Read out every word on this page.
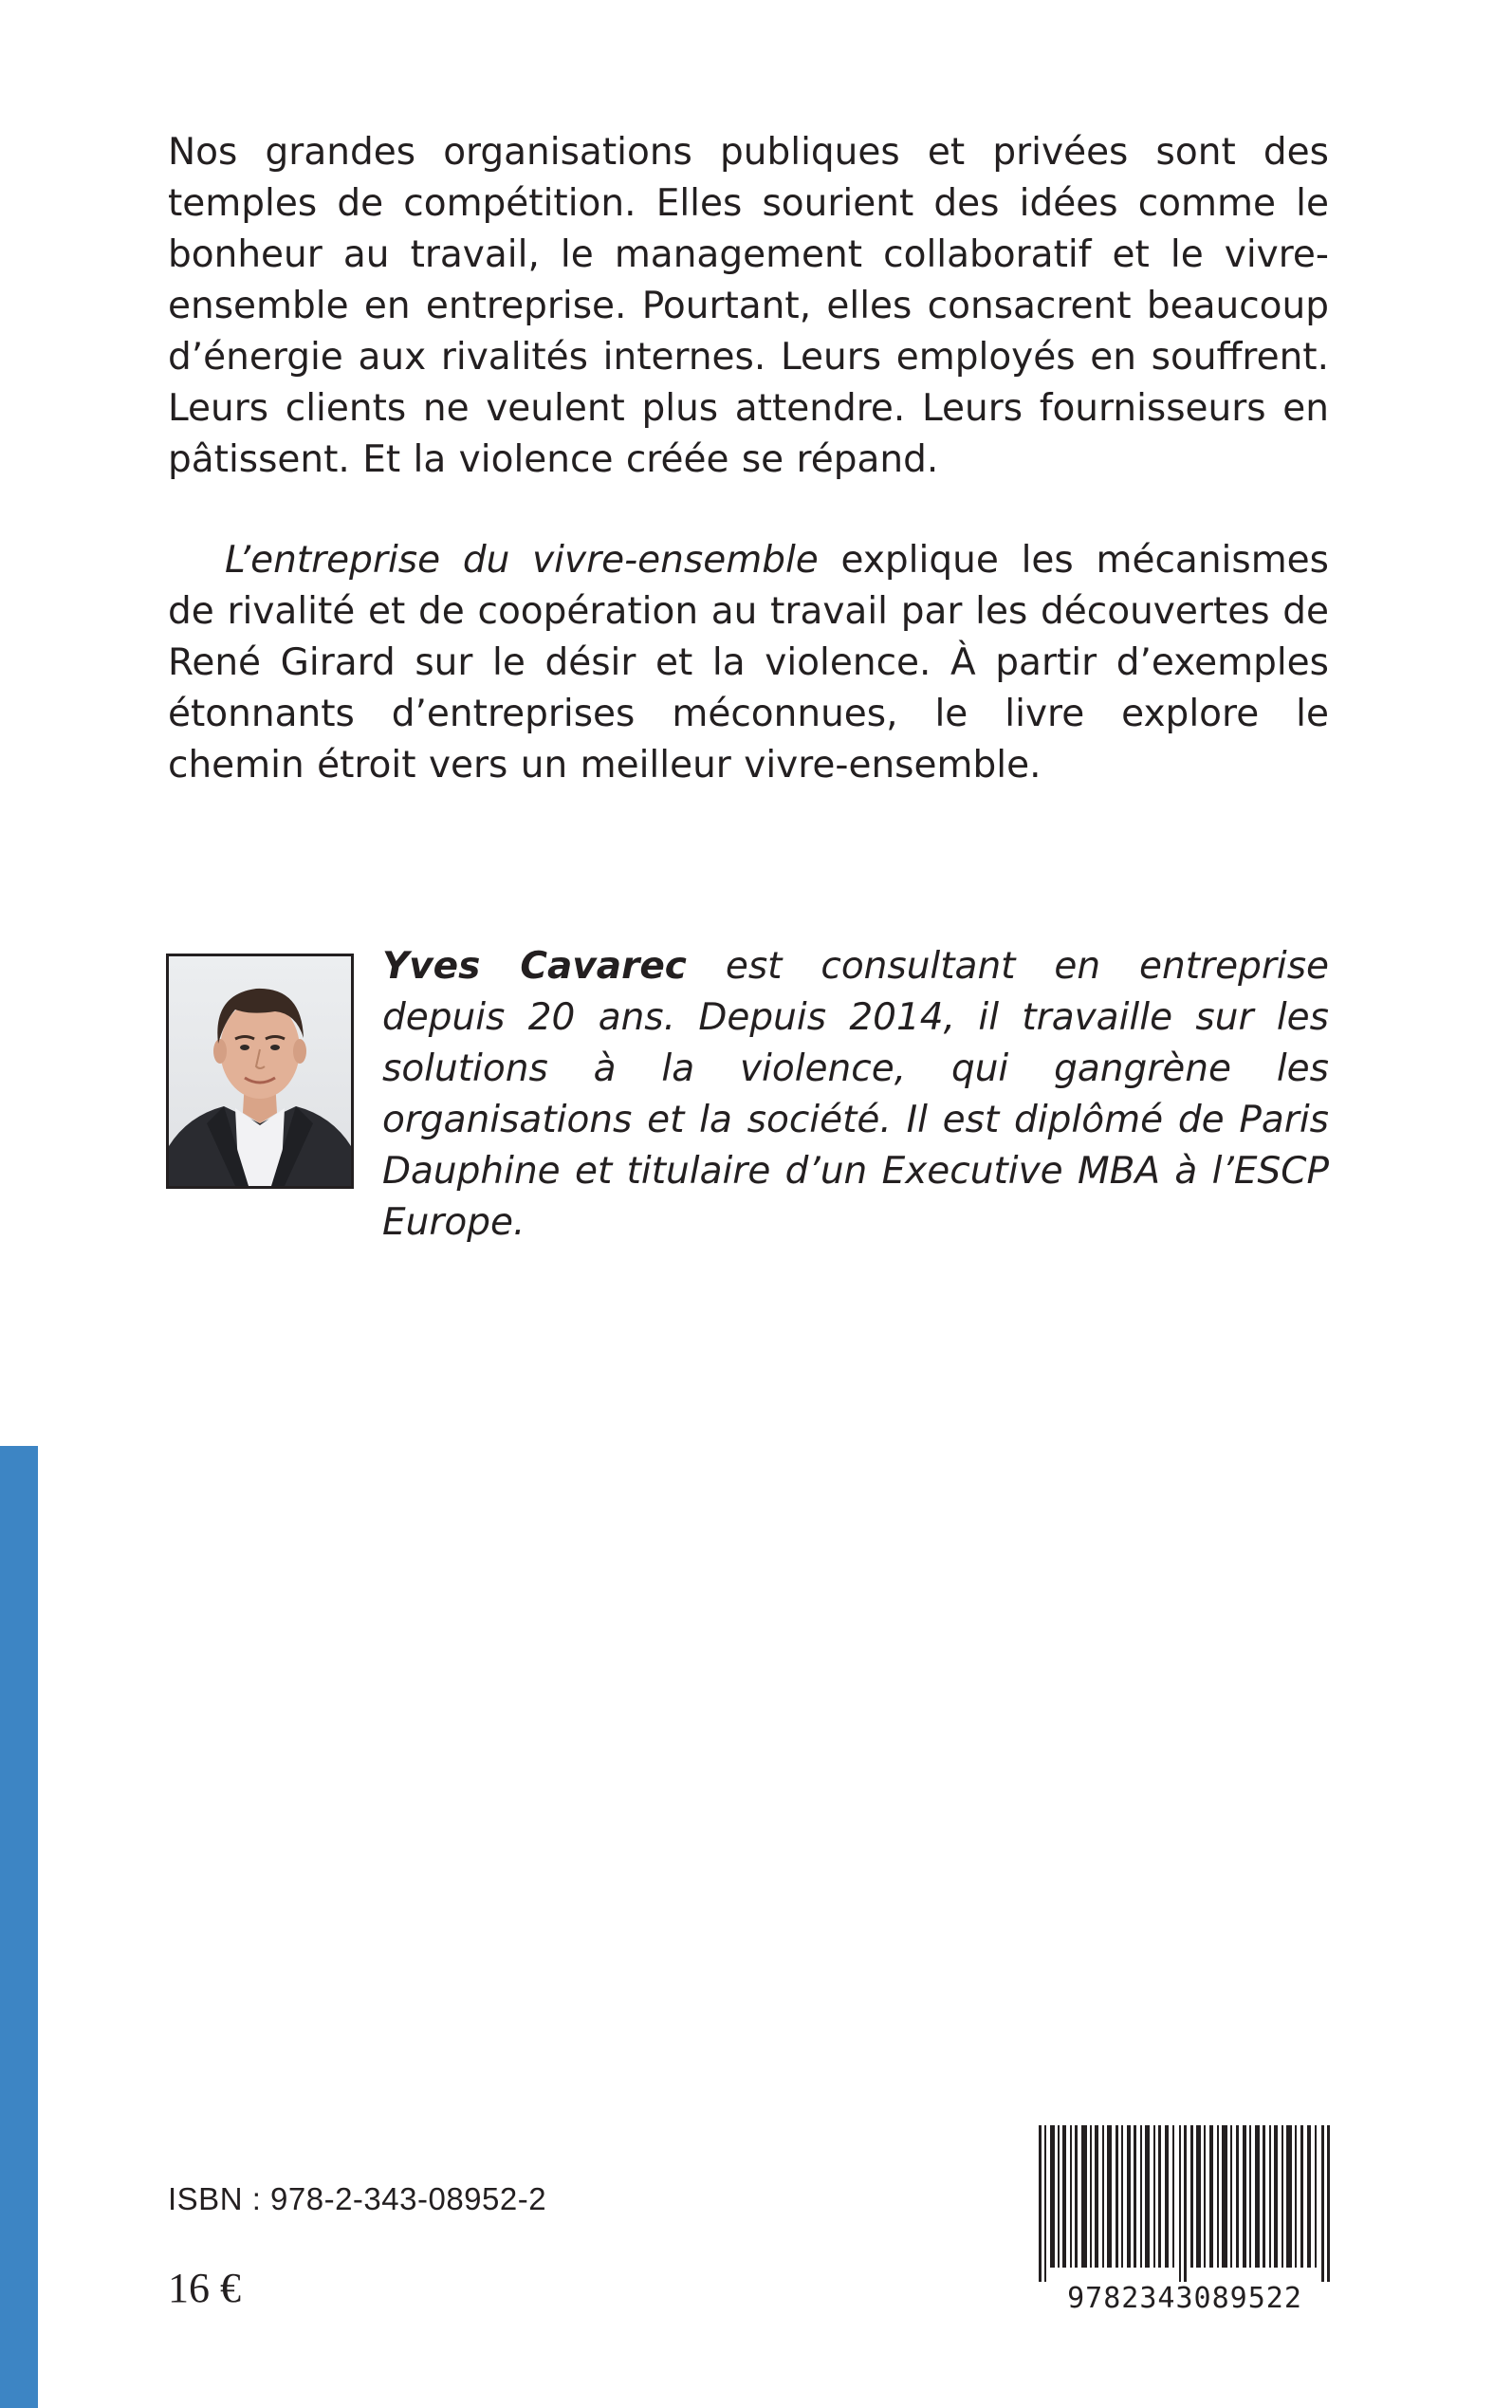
Nos grandes organisations publiques et privées sont des temples de compétition. Elles sourient des idées comme le bonheur au travail, le management collaboratif et le vivre-ensemble en entreprise. Pourtant, elles consacrent beaucoup d’énergie aux rivalités internes. Leurs employés en souffrent. Leurs clients ne veulent plus attendre. Leurs fournisseurs en pâtissent. Et la violence créée se répand.

L’entreprise du vivre-ensemble explique les mécanismes de rivalité et de coopération au travail par les découvertes de René Girard sur le désir et la violence. À partir d’exemples étonnants d’entreprises méconnues, le livre explore le chemin étroit vers un meilleur vivre-ensemble.

Yves Cavarec est consultant en entreprise depuis 20 ans. Depuis 2014, il travaille sur les solutions à la violence, qui gangrène les organisations et la société. Il est diplômé de Paris Dauphine et titulaire d’un Executive MBA à l’ESCP Europe.

ISBN : 978-2-343-08952-2
16 €	9782343089522
